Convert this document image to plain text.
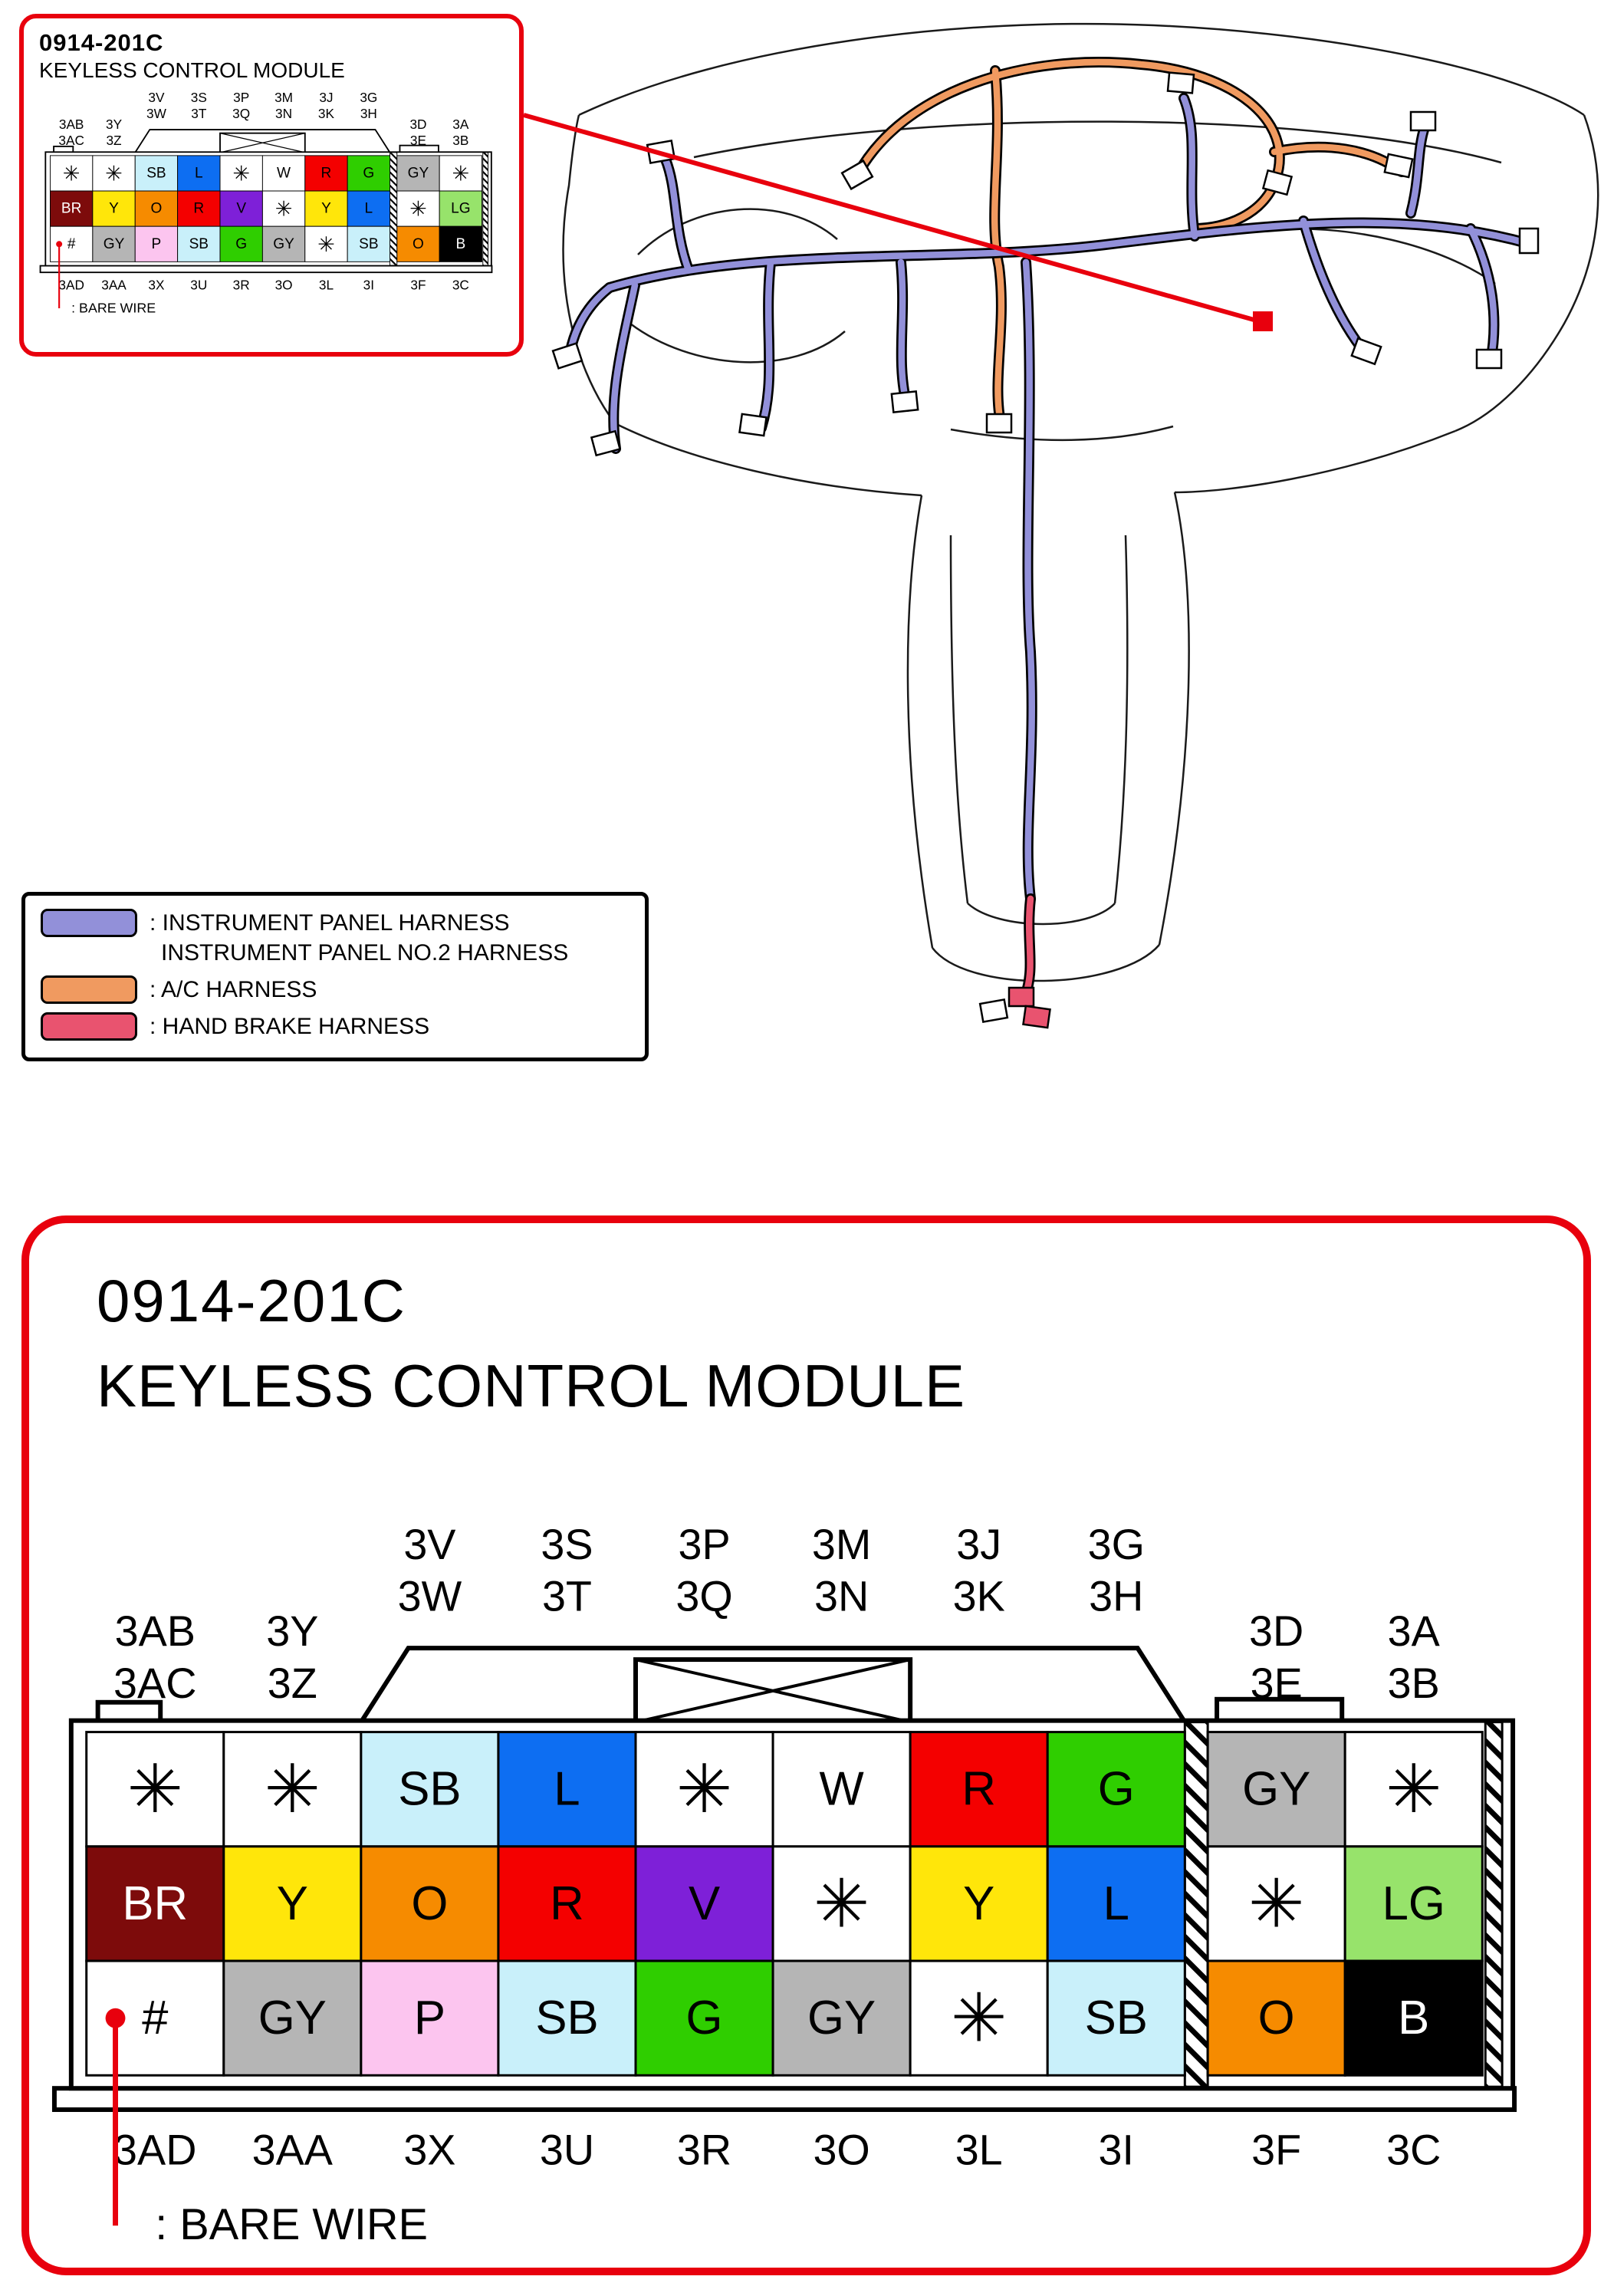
0914-201C
KEYLESS CONTROL MODULE
✳ ✳ SB L ✳ W R G GY ✳
BR Y O R V ✳ Y L ✳ LG
# GY P SB G GY ✳ SB O B
3V
3W
3S
3T
3P
3Q
3M
3N
3J
3K
3G
3H
3AB
3AC
3Y
3Z
3D
3E
3A
3B
3AD 3AA 3X 3U 3R 3O 3L 3I 3F 3C
: BARE WIRE
: INSTRUMENT PANEL HARNESS
INSTRUMENT PANEL NO.2 HARNESS
: A/C HARNESS
: HAND BRAKE HARNESS
0914-201C
KEYLESS CONTROL MODULE
✳ ✳ SB L ✳ W R G GY ✳
BR Y O R V ✳ Y L ✳ LG
# GY P SB G GY ✳ SB O B
3V
3W
3S
3T
3P
3Q
3M
3N
3J
3K
3G
3H
3AB
3AC
3Y
3Z
3D
3E
3A
3B
3AD 3AA 3X 3U 3R 3O 3L 3I	3F 3C
: BARE WIRE
